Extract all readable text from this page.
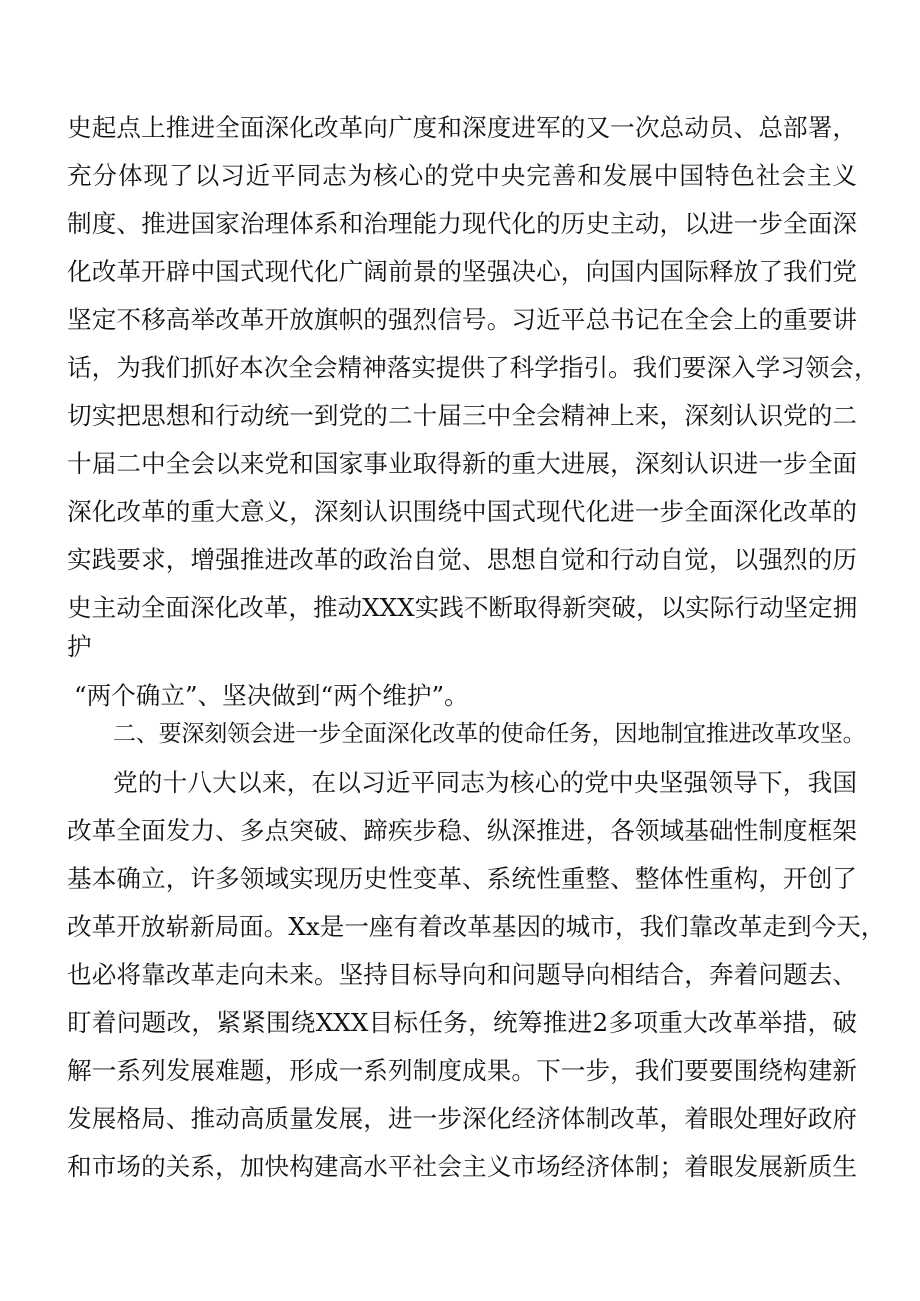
史起点上推进全面深化改革向广度和深度进军的又一次总动员、总部署，
充分体现了以习近平同志为核心的党中央完善和发展中国特色社会主义
制度、推进国家治理体系和治理能力现代化的历史主动，以进一步全面深
化改革开辟中国式现代化广阔前景的坚强决心，向国内国际释放了我们党
坚定不移高举改革开放旗帜的强烈信号。习近平总书记在全会上的重要讲
话，为我们抓好本次全会精神落实提供了科学指引。我们要深入学习领会，
切实把思想和行动统一到党的二十届三中全会精神上来，深刻认识党的二
十届二中全会以来党和国家事业取得新的重大进展，深刻认识进一步全面
深化改革的重大意义，深刻认识围绕中国式现代化进一步全面深化改革的
实践要求，增强推进改革的政治自觉、思想自觉和行动自觉，以强烈的历
史主动全面深化改革，推动XXX实践不断取得新突破，以实际行动坚定拥
护
“两个确立”、坚决做到“两个维护”。
二、要深刻领会进一步全面深化改革的使命任务，因地制宜推进改革攻坚。
党的十八大以来，在以习近平同志为核心的党中央坚强领导下，我国
改革全面发力、多点突破、蹄疾步稳、纵深推进，各领域基础性制度框架
基本确立，许多领域实现历史性变革、系统性重整、整体性重构，开创了
改革开放崭新局面。Xx是一座有着改革基因的城市，我们靠改革走到今天，
也必将靠改革走向未来。坚持目标导向和问题导向相结合，奔着问题去、
盯着问题改，紧紧围绕XXX目标任务，统筹推进2多项重大改革举措，破
解一系列发展难题，形成一系列制度成果。下一步，我们要要围绕构建新
发展格局、推动高质量发展，进一步深化经济体制改革，着眼处理好政府
和市场的关系，加快构建高水平社会主义市场经济体制；着眼发展新质生
